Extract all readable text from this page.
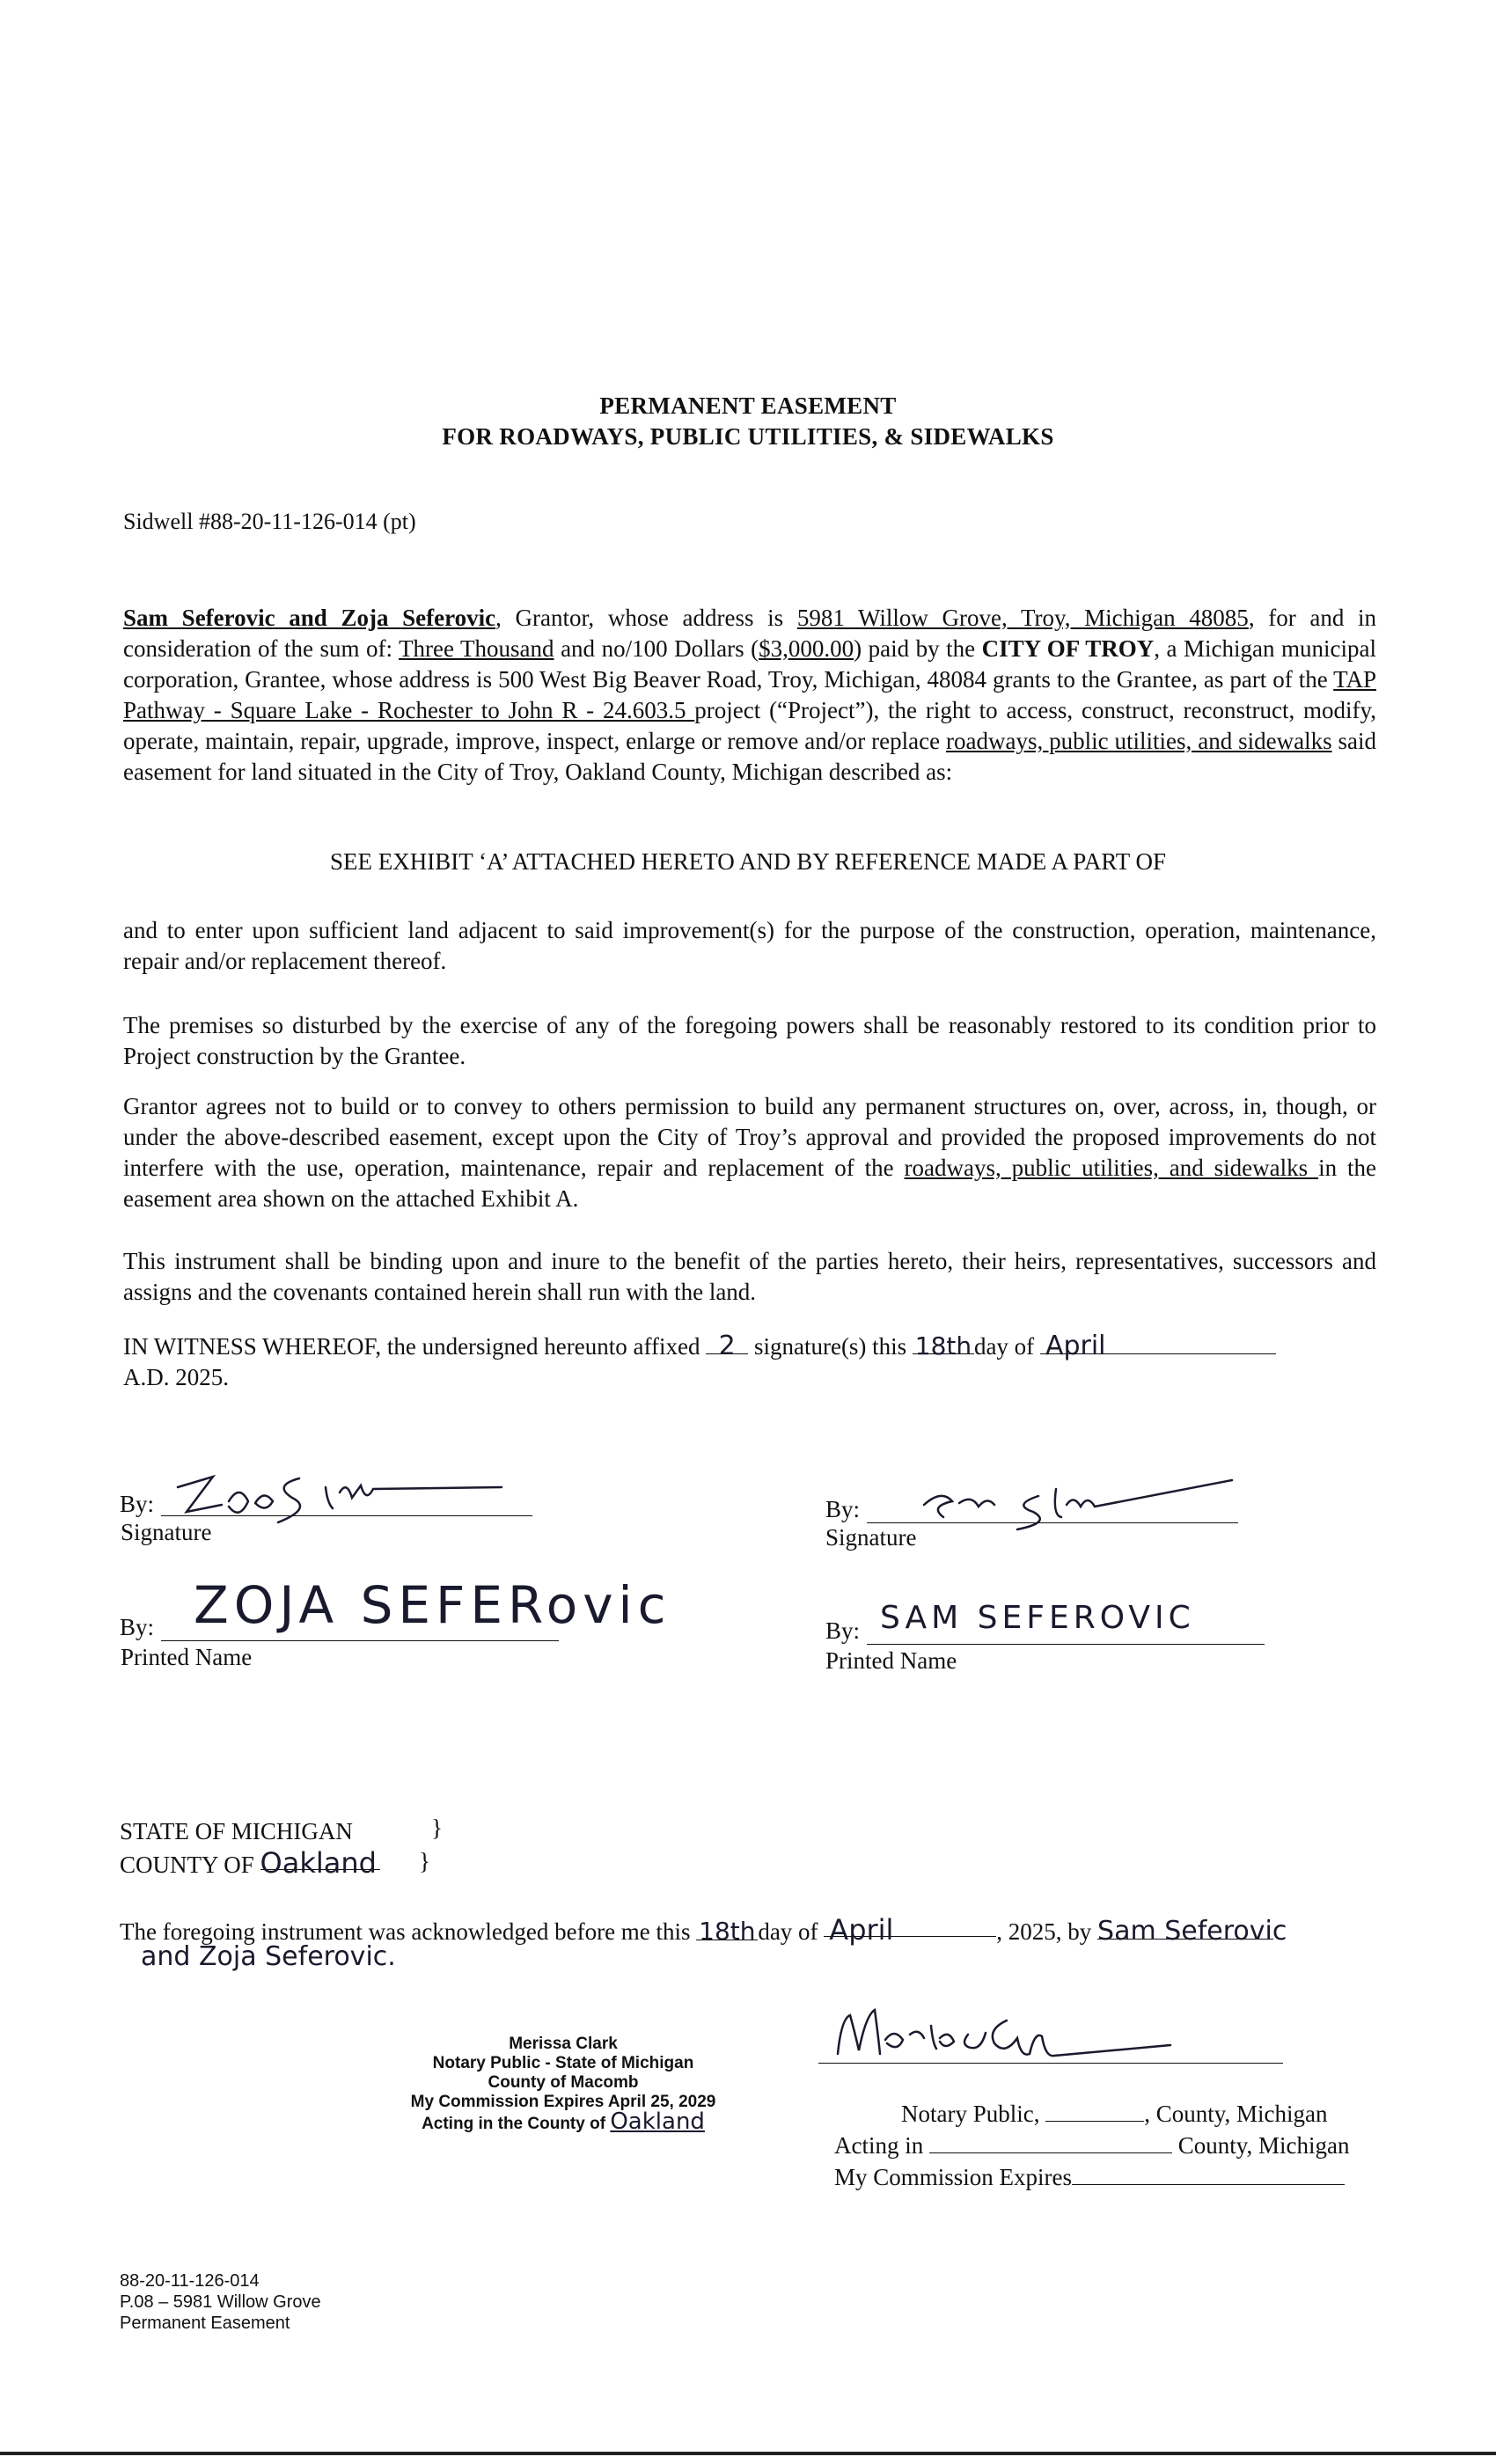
PERMANENT EASEMENT
FOR ROADWAYS, PUBLIC UTILITIES, & SIDEWALKS
Sidwell #88-20-11-126-014 (pt)
Sam Seferovic and Zoja Seferovic, Grantor, whose address is 5981 Willow Grove, Troy, Michigan 48085, for and in consideration of the sum of: Three Thousand and no/100 Dollars ($3,000.00) paid by the CITY OF TROY, a Michigan municipal corporation, Grantee, whose address is 500 West Big Beaver Road, Troy, Michigan, 48084 grants to the Grantee, as part of the TAP Pathway - Square Lake - Rochester to John R - 24.603.5 project (“Project”), the right to access, construct, reconstruct, modify, operate, maintain, repair, upgrade, improve, inspect, enlarge or remove and/or replace roadways, public utilities, and sidewalks said easement for land situated in the City of Troy, Oakland County, Michigan described as:
SEE EXHIBIT ‘A’ ATTACHED HERETO AND BY REFERENCE MADE A PART OF
and to enter upon sufficient land adjacent to said improvement(s) for the purpose of the construction, operation, maintenance, repair and/or replacement thereof.
The premises so disturbed by the exercise of any of the foregoing powers shall be reasonably restored to its condition prior to Project construction by the Grantee.
Grantor agrees not to build or to convey to others permission to build any permanent structures on, over, across, in, though, or under the above-described easement, except upon the City of Troy’s approval and provided the proposed improvements do not interfere with the use, operation, maintenance, repair and replacement of the roadways, public utilities, and sidewalks in the easement area shown on the attached Exhibit A.
This instrument shall be binding upon and inure to the benefit of the parties hereto, their heirs, representatives, successors and assigns and the covenants contained herein shall run with the land.
IN WITNESS WHEREOF, the undersigned hereunto affixed 2 signature(s) this 18th day of April
A.D. 2025.
By:
Signature
By: ZOJA SEFERovic
Printed Name
By:
Signature
By: SAM SEFEROVIC
Printed Name
STATE OF MICHIGAN	}
COUNTY OF Oakland }
The foregoing instrument was acknowledged before me this 18th day of April	, 2025, by Sam Seferovic
and Zoja Seferovic.
Merissa Clark
Notary Public - State of Michigan
County of Macomb
My Commission Expires April 25, 2029
Acting in the County of Oakland	Notary Public,	, County, Michigan
Acting in	County, Michigan
My Commission Expires
88-20-11-126-014
P.08 – 5981 Willow Grove
Permanent Easement
